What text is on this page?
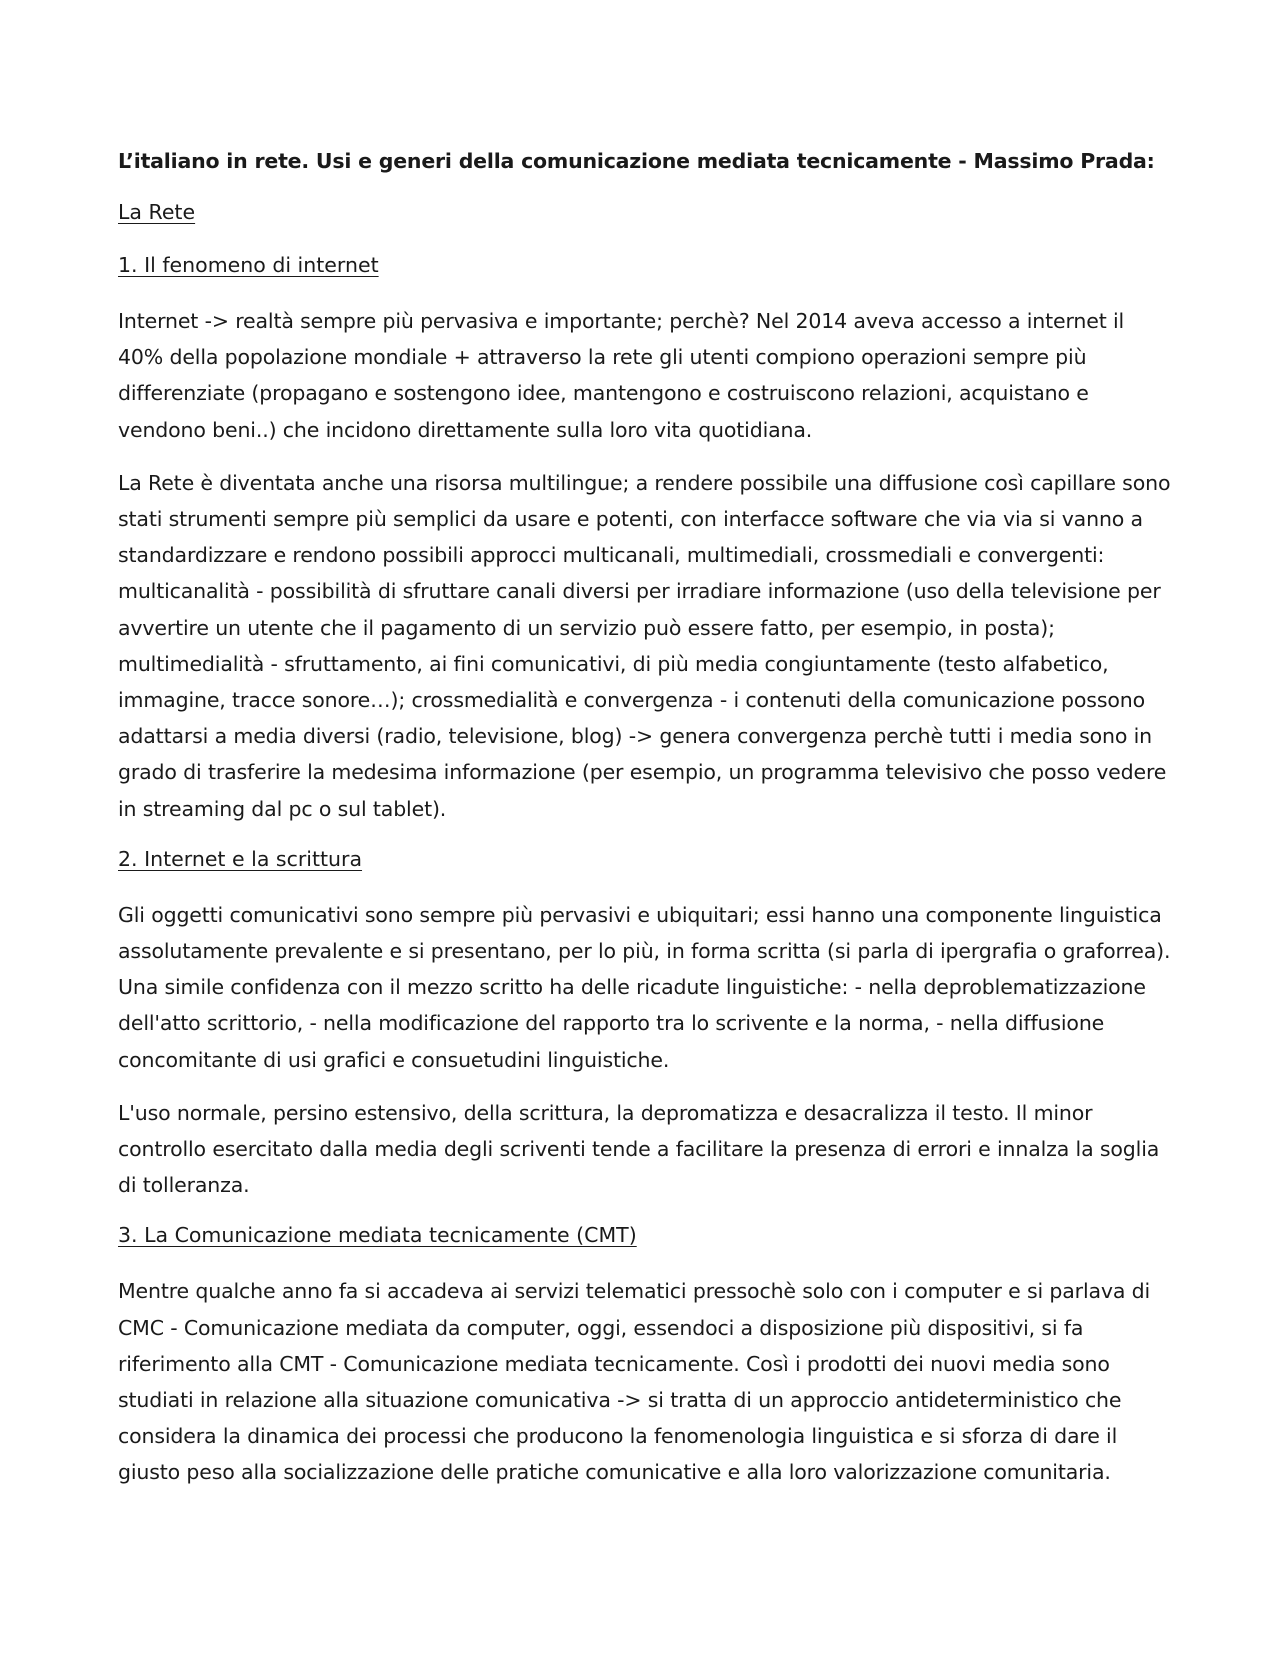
L’italiano in rete. Usi e generi della comunicazione mediata tecnicamente - Massimo Prada:
La Rete
1. Il fenomeno di internet

Internet -> realtà sempre più pervasiva e importante; perchè? Nel 2014 aveva accesso a internet il 40% della popolazione mondiale + attraverso la rete gli utenti compiono operazioni sempre più differenziate (propagano e sostengono idee, mantengono e costruiscono relazioni, acquistano e vendono beni..) che incidono direttamente sulla loro vita quotidiana.

La Rete è diventata anche una risorsa multilingue; a rendere possibile una diffusione così capillare sono stati strumenti sempre più semplici da usare e potenti, con interfacce software che via via si vanno a standardizzare e rendono possibili approcci multicanali, multimediali, crossmediali e convergenti: multicanalità - possibilità di sfruttare canali diversi per irradiare informazione (uso della televisione per avvertire un utente che il pagamento di un servizio può essere fatto, per esempio, in posta); multimedialità - sfruttamento, ai fini comunicativi, di più media congiuntamente (testo alfabetico, immagine, tracce sonore…); crossmedialità e convergenza - i contenuti della comunicazione possono adattarsi a media diversi (radio, televisione, blog) -> genera convergenza perchè tutti i media sono in grado di trasferire la medesima informazione (per esempio, un programma televisivo che posso vedere in streaming dal pc o sul tablet).

2. Internet e la scrittura

Gli oggetti comunicativi sono sempre più pervasivi e ubiquitari; essi hanno una componente linguistica assolutamente prevalente e si presentano, per lo più, in forma scritta (si parla di ipergrafia o graforrea). Una simile confidenza con il mezzo scritto ha delle ricadute linguistiche: - nella deproblematizzazione dell'atto scrittorio, - nella modificazione del rapporto tra lo scrivente e la norma, - nella diffusione concomitante di usi grafici e consuetudini linguistiche.

L'uso normale, persino estensivo, della scrittura, la depromatizza e desacralizza il testo. Il minor controllo esercitato dalla media degli scriventi tende a facilitare la presenza di errori e innalza la soglia di tolleranza.

3. La Comunicazione mediata tecnicamente (CMT)

Mentre qualche anno fa si accadeva ai servizi telematici pressochè solo con i computer e si parlava di CMC - Comunicazione mediata da computer, oggi, essendoci a disposizione più dispositivi, si fa riferimento alla CMT - Comunicazione mediata tecnicamente. Così i prodotti dei nuovi media sono studiati in relazione alla situazione comunicativa -> si tratta di un approccio antideterministico che considera la dinamica dei processi che producono la fenomenologia linguistica e si sforza di dare il giusto peso alla socializzazione delle pratiche comunicative e alla loro valorizzazione comunitaria.
